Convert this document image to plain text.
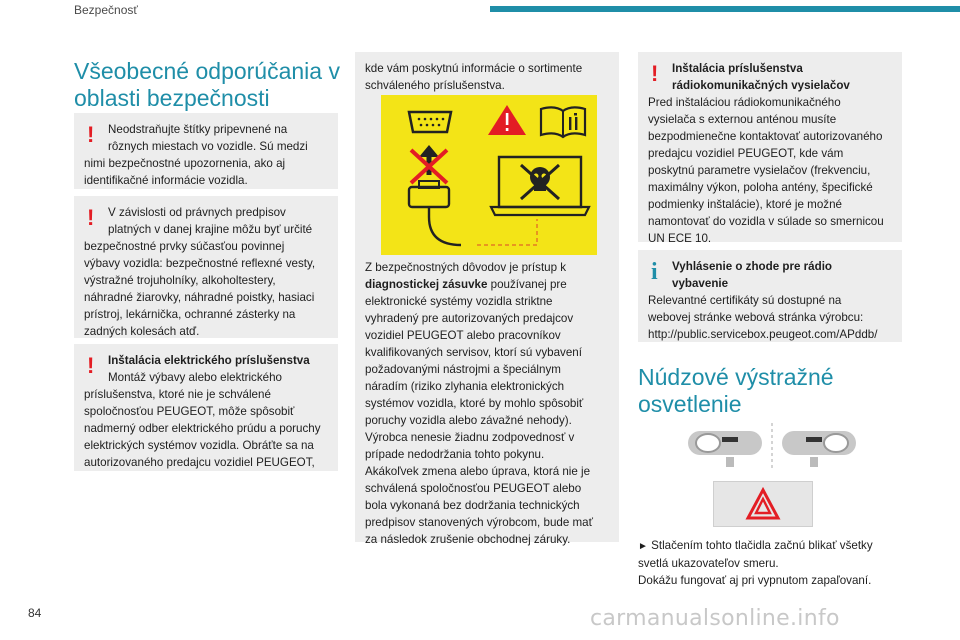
Bezpečnosť
Všeobecné odporúčania v
oblasti bezpečnosti
!	Neodstraňujte štítky pripevnené na
rôznych miestach vo vozidle. Sú medzi
nimi bezpečnostné upozornenia, ako aj
identifikačné informácie vozidla.
!	V závislosti od právnych predpisov
platných v danej krajine môžu byť určité
bezpečnostné prvky súčasťou povinnej
výbavy vozidla: bezpečnostné reflexné vesty,
výstražné trojuholníky, alkoholtestery,
náhradné žiarovky, náhradné poistky, hasiaci
prístroj, lekárnička, ochranné zásterky na
zadných kolesách atď.
!	Inštalácia elektrického príslušenstva
Montáž výbavy alebo elektrického
príslušenstva, ktoré nie je schválené
spoločnosťou PEUGEOT, môže spôsobiť
nadmerný odber elektrického prúdu a poruchy
elektrických systémov vozidla. Obráťte sa na
autorizovaného predajcu vozidiel PEUGEOT,
kde vám poskytnú informácie o sortimente
schváleného príslušenstva.
Z bezpečnostných dôvodov je prístup k
diagnostickej zásuvke používanej pre
elektronické systémy vozidla striktne
vyhradený pre autorizovaných predajcov
vozidiel PEUGEOT alebo pracovníkov
kvalifikovaných servisov, ktorí sú vybavení
požadovanými nástrojmi a špeciálnym
náradím (riziko zlyhania elektronických
systémov vozidla, ktoré by mohlo spôsobiť
poruchy vozidla alebo závažné nehody).
Výrobca nenesie žiadnu zodpovednosť v
prípade nedodržania tohto pokynu.
Akákoľvek zmena alebo úprava, ktorá nie je
schválená spoločnosťou PEUGEOT alebo
bola vykonaná bez dodržania technických
predpisov stanovených výrobcom, bude mať
za následok zrušenie obchodnej záruky.
!	Inštalácia príslušenstva
rádiokomunikačných vysielačov
Pred inštaláciou rádiokomunikačného
vysielača s externou anténou musíte
bezpodmienečne kontaktovať autorizovaného
predajcu vozidiel PEUGEOT, kde vám
poskytnú parametre vysielačov (frekvenciu,
maximálny výkon, poloha antény, špecifické
podmienky inštalácie), ktoré je možné
namontovať do vozidla v súlade so smernicou
UN ECE 10.
i	Vyhlásenie o zhode pre rádio
vybavenie
Relevantné certifikáty sú dostupné na
webovej stránke webová stránka výrobcu:
http://public.servicebox.peugeot.com/APddb/
Núdzové výstražné
osvetlenie
► Stlačením tohto tlačidla začnú blikať všetky
svetlá ukazovateľov smeru.
Dokážu fungovať aj pri vypnutom zapaľovaní.
84	carmanualsonline.info
